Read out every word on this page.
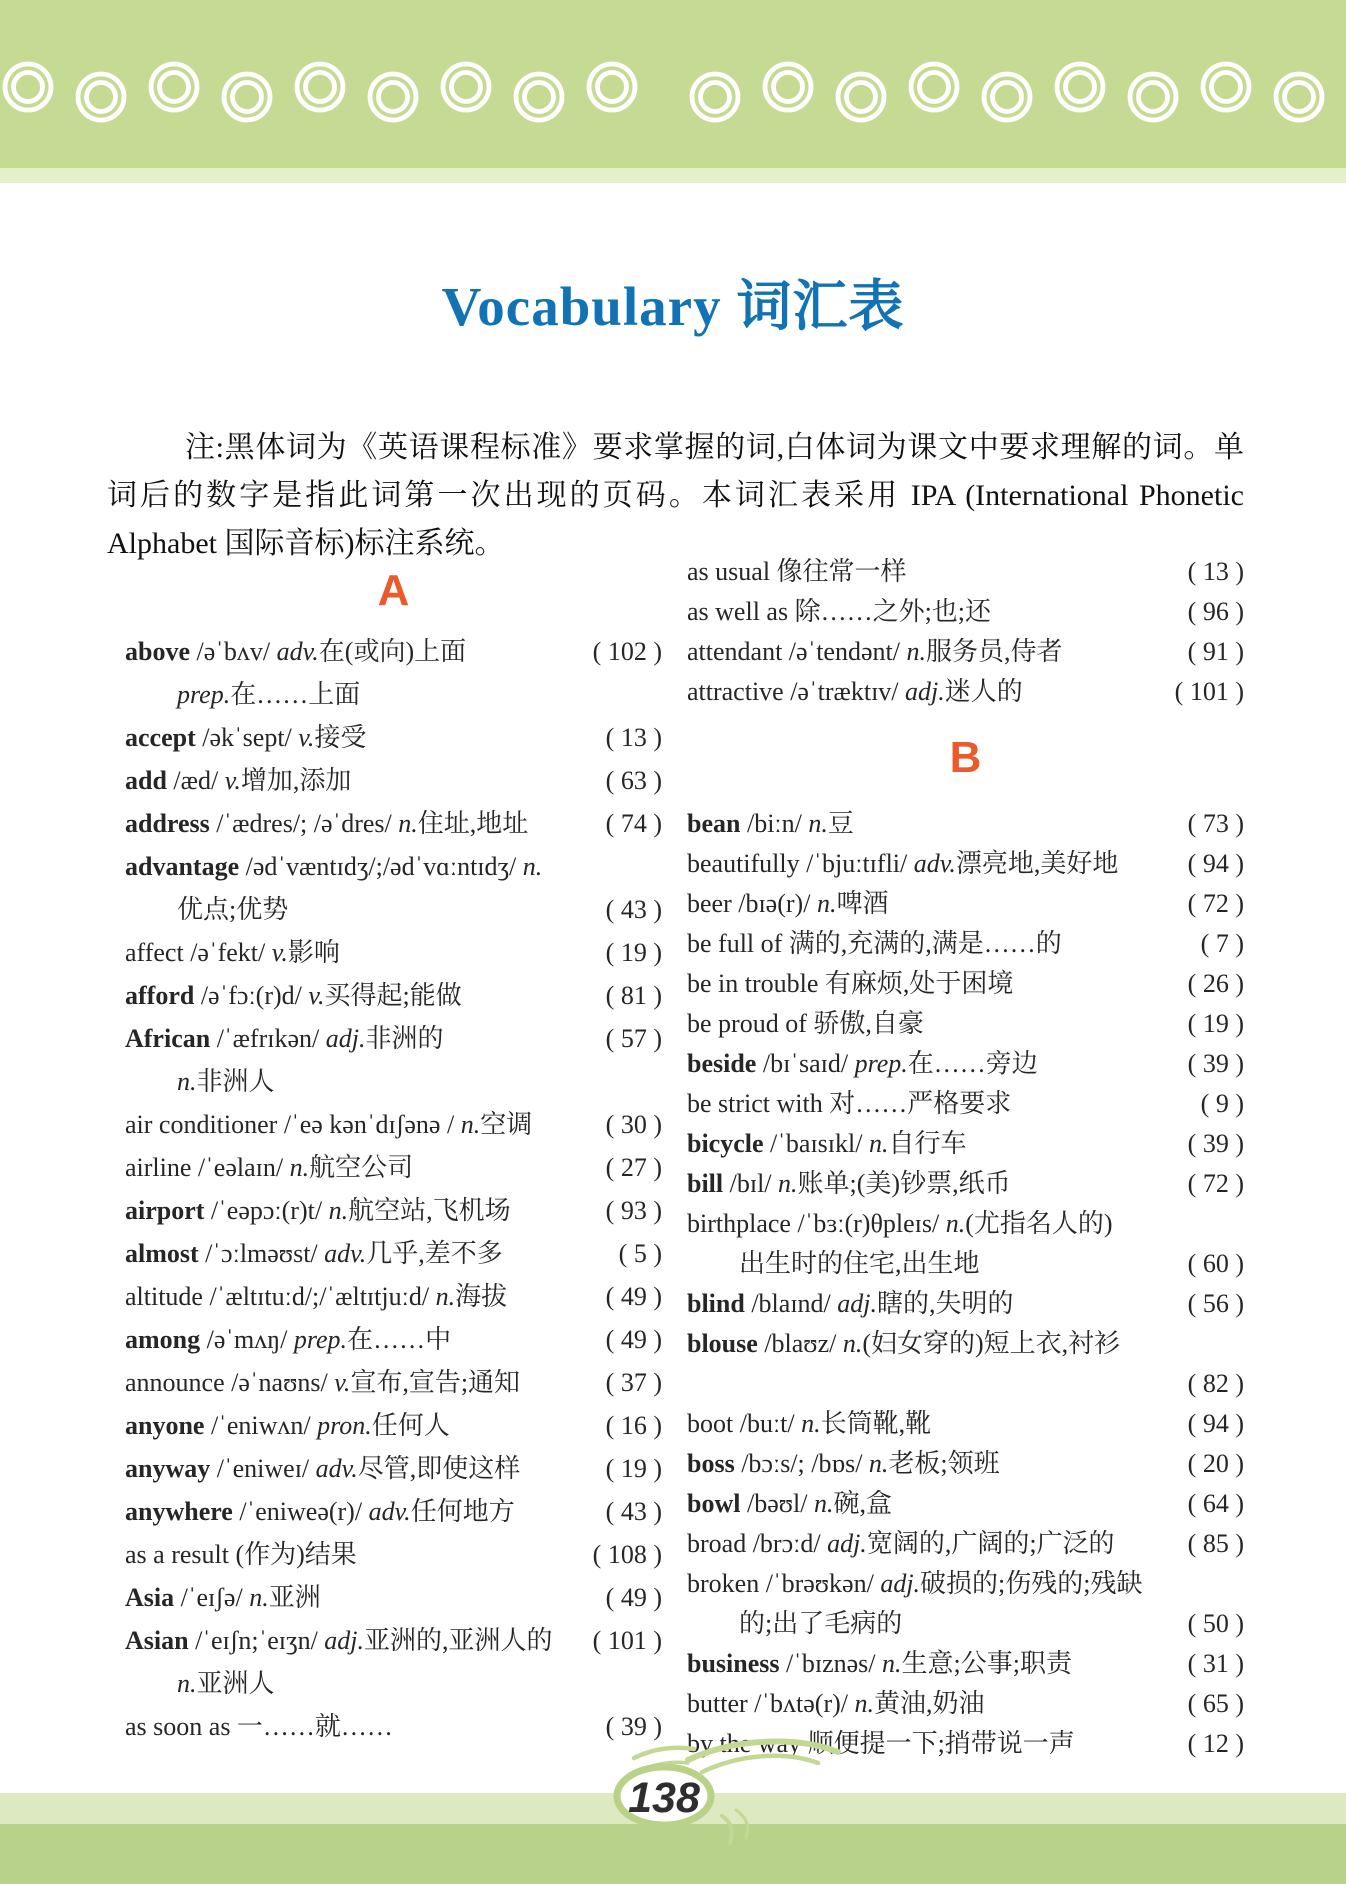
Vocabulary 词汇表
注:黑体词为《英语课程标准》要求掌握的词,白体词为课文中要求理解的词。单词后的数字是指此词第一次出现的页码。本词汇表采用 IPA (International Phonetic Alphabet 国际音标)标注系统。
A
above /əˈbʌv/ adv.在(或向)上面	( 102 )
prep.在……上面
accept /əkˈsept/ v.接受	( 13 )
add /æd/ v.增加,添加	( 63 )
address /ˈædres/; /əˈdres/ n.住址,地址	( 74 )
advantage /ədˈvæntɪdʒ/;/ədˈvɑːntɪdʒ/ n.
优点;优势	( 43 )
affect /əˈfekt/ v.影响	( 19 )
afford /əˈfɔː(r)d/ v.买得起;能做	( 81 )
African /ˈæfrɪkən/ adj.非洲的	( 57 )
n.非洲人
air conditioner /ˈeə kənˈdɪʃənə / n.空调	( 30 )
airline /ˈeəlaɪn/ n.航空公司	( 27 )
airport /ˈeəpɔː(r)t/ n.航空站,飞机场	( 93 )
almost /ˈɔːlməʊst/ adv.几乎,差不多	( 5 )
altitude /ˈæltɪtuːd/;/ˈæltɪtjuːd/ n.海拔	( 49 )
among /əˈmʌŋ/ prep.在……中	( 49 )
announce /əˈnaʊns/ v.宣布,宣告;通知	( 37 )
anyone /ˈeniwʌn/ pron.任何人	( 16 )
anyway /ˈeniweɪ/ adv.尽管,即使这样	( 19 )
anywhere /ˈeniweə(r)/ adv.任何地方	( 43 )
as a result (作为)结果	( 108 )
Asia /ˈeɪʃə/ n.亚洲	( 49 )
Asian /ˈeɪʃn;ˈeɪʒn/ adj.亚洲的,亚洲人的 ( 101 )
n.亚洲人
as soon as 一……就……	( 39 )
as usual 像往常一样	( 13 )
as well as 除……之外;也;还	( 96 )
attendant /əˈtendənt/ n.服务员,侍者	( 91 )
attractive /əˈtræktɪv/ adj.迷人的	( 101 )
B
bean /biːn/ n.豆	( 73 )
beautifully /ˈbjuːtɪfli/ adv.漂亮地,美好地	( 94 )
beer /bɪə(r)/ n.啤酒	( 72 )
be full of 满的,充满的,满是……的	( 7 )
be in trouble 有麻烦,处于困境	( 26 )
be proud of 骄傲,自豪	( 19 )
beside /bɪˈsaɪd/ prep.在……旁边	( 39 )
be strict with 对……严格要求	( 9 )
bicycle /ˈbaɪsɪkl/ n.自行车	( 39 )
bill /bɪl/ n.账单;(美)钞票,纸币	( 72 )
birthplace /ˈbɜː(r)θpleɪs/ n.(尤指名人的)
出生时的住宅,出生地	( 60 )
blind /blaɪnd/ adj.瞎的,失明的	( 56 )
blouse /blaʊz/ n.(妇女穿的)短上衣,衬衫
( 82 )
boot /buːt/ n.长筒靴,靴	( 94 )
boss /bɔːs/; /bɒs/ n.老板;领班	( 20 )
bowl /bəʊl/ n.碗,盒	( 64 )
broad /brɔːd/ adj.宽阔的,广阔的;广泛的	( 85 )
broken /ˈbrəʊkən/ adj.破损的;伤残的;残缺
的;出了毛病的	( 50 )
business /ˈbɪznəs/ n.生意;公事;职责	( 31 )
butter /ˈbʌtə(r)/ n.黄油,奶油	( 65 )
by the way 顺便提一下;捎带说一声	( 12 )
138
